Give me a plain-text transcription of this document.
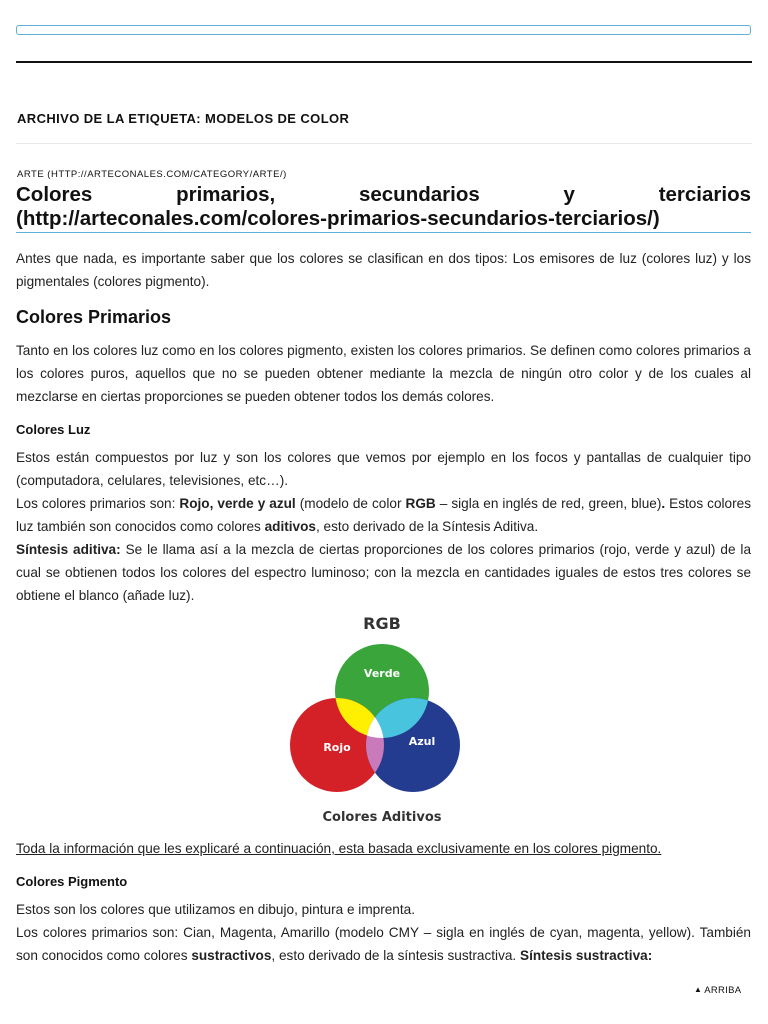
ARCHIVO DE LA ETIQUETA: MODELOS DE COLOR
ARTE (HTTP://ARTECONALES.COM/CATEGORY/ARTE/)
Colores primarios, secundarios y terciarios (http://arteconales.com/colores-primarios-secundarios-terciarios/)

Antes que nada, es importante saber que los colores se clasifican en dos tipos: Los emisores de luz (colores luz) y los pigmentales (colores pigmento).

Colores Primarios

Tanto en los colores luz como en los colores pigmento, existen los colores primarios. Se definen como colores primarios a los colores puros, aquellos que no se pueden obtener mediante la mezcla de ningún otro color y de los cuales al mezclarse en ciertas proporciones se pueden obtener todos los demás colores.

Colores Luz

Estos están compuestos por luz y son los colores que vemos por ejemplo en los focos y pantallas de cualquier tipo (computadora, celulares, televisiones, etc…).

Los colores primarios son: Rojo, verde y azul (modelo de color RGB – sigla en inglés de red, green, blue). Estos colores luz también son conocidos como colores aditivos, esto derivado de la Síntesis Aditiva.

Síntesis aditiva: Se le llama así a la mezcla de ciertas proporciones de los colores primarios (rojo, verde y azul) de la cual se obtienen todos los colores del espectro luminoso; con la mezcla en cantidades iguales de estos tres colores se obtiene el blanco (añade luz).

RGB
Verde
Rojo	Azul
Colores Aditivos

Toda la información que les explicaré a continuación, esta basada exclusivamente en los colores pigmento.

Colores Pigmento

Estos son los colores que utilizamos en dibujo, pintura e imprenta.

Los colores primarios son: Cian, Magenta, Amarillo (modelo CMY – sigla en inglés de cyan, magenta, yellow). También son conocidos como colores sustractivos, esto derivado de la síntesis sustractiva. Síntesis sustractiva:

▲ ARRIBA
